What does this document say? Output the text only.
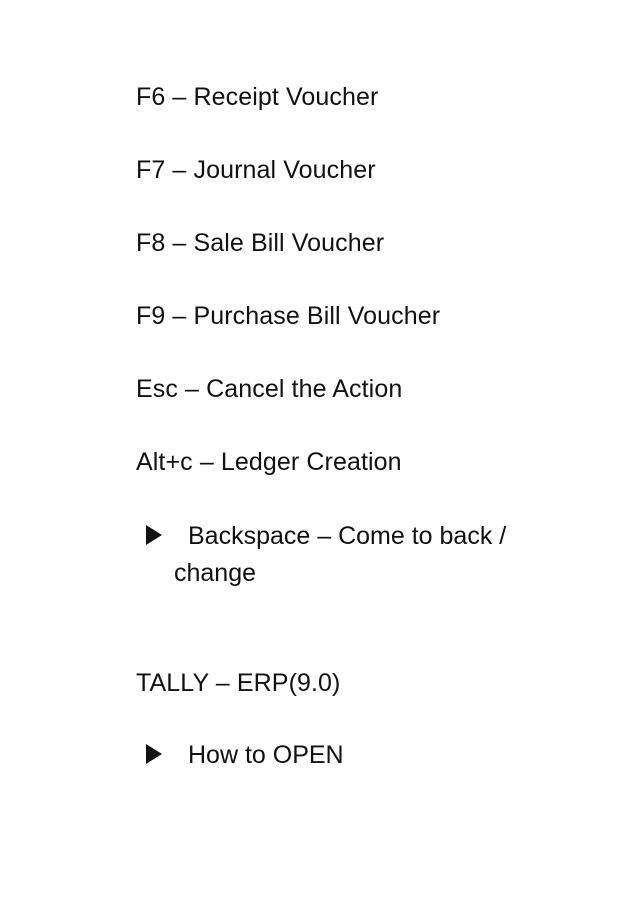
F6 – Receipt Voucher
F7 – Journal Voucher
F8 – Sale Bill Voucher
F9 – Purchase Bill Voucher
Esc – Cancel the Action
Alt+c – Ledger Creation
Backspace – Come to back /
change
TALLY – ERP(9.0)
How to OPEN
